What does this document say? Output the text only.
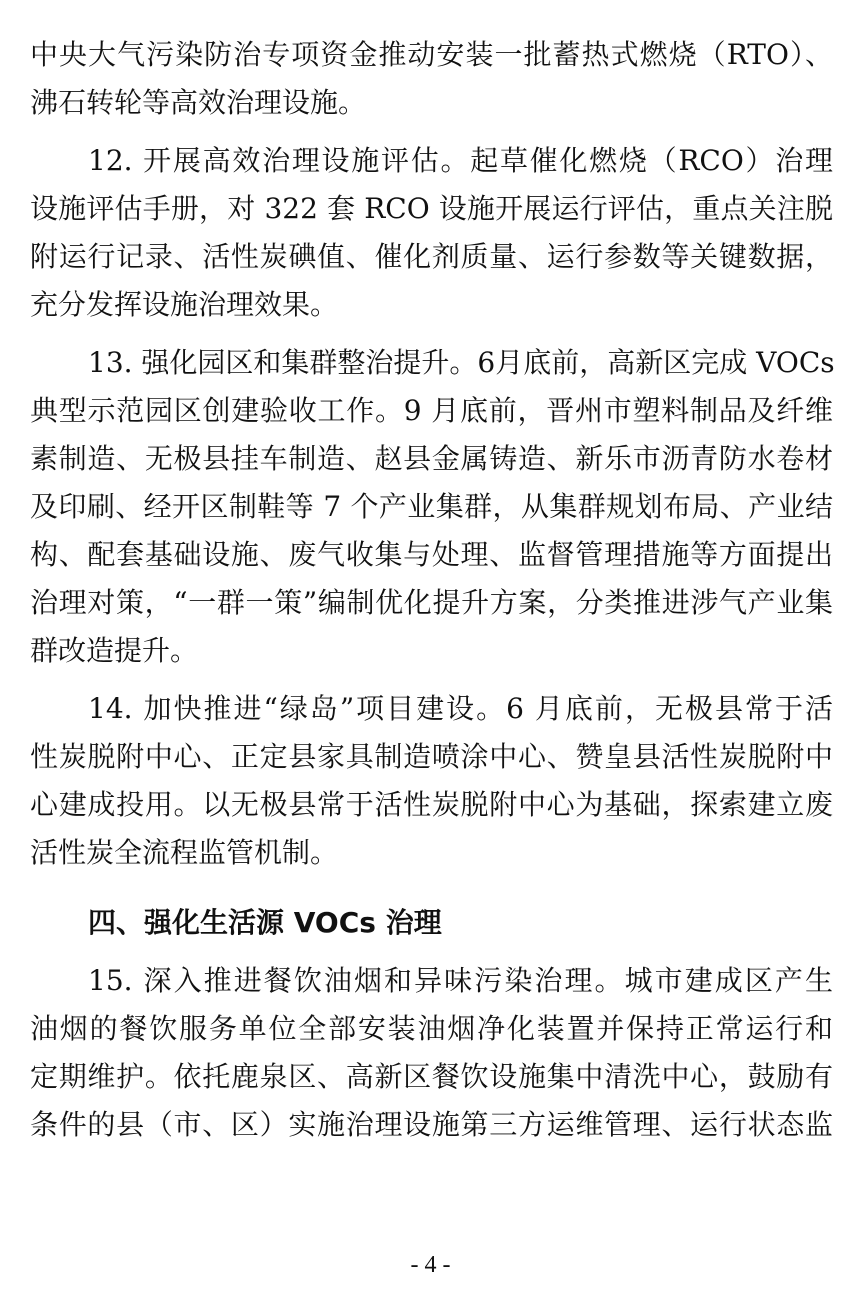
中央大气污染防治专项资金推动安装一批蓄热式燃烧（RTO）、
沸石转轮等高效治理设施。
12. 开展高效治理设施评估。起草催化燃烧（RCO）治理
设施评估手册，对 322 套 RCO 设施开展运行评估，重点关注脱
附运行记录、活性炭碘值、催化剂质量、运行参数等关键数据，
充分发挥设施治理效果。
13. 强化园区和集群整治提升。6月底前，高新区完成 VOCs
典型示范园区创建验收工作。9 月底前，晋州市塑料制品及纤维
素制造、无极县挂车制造、赵县金属铸造、新乐市沥青防水卷材
及印刷、经开区制鞋等 7 个产业集群，从集群规划布局、产业结
构、配套基础设施、废气收集与处理、监督管理措施等方面提出
治理对策，“一群一策”编制优化提升方案，分类推进涉气产业集
群改造提升。
14. 加快推进“绿岛”项目建设。6 月底前，无极县常于活
性炭脱附中心、正定县家具制造喷涂中心、赞皇县活性炭脱附中
心建成投用。以无极县常于活性炭脱附中心为基础，探索建立废
活性炭全流程监管机制。
四、强化生活源 VOCs 治理
15. 深入推进餐饮油烟和异味污染治理。城市建成区产生
油烟的餐饮服务单位全部安装油烟净化装置并保持正常运行和
定期维护。依托鹿泉区、高新区餐饮设施集中清洗中心，鼓励有
条件的县（市、区）实施治理设施第三方运维管理、运行状态监
- 4 -
